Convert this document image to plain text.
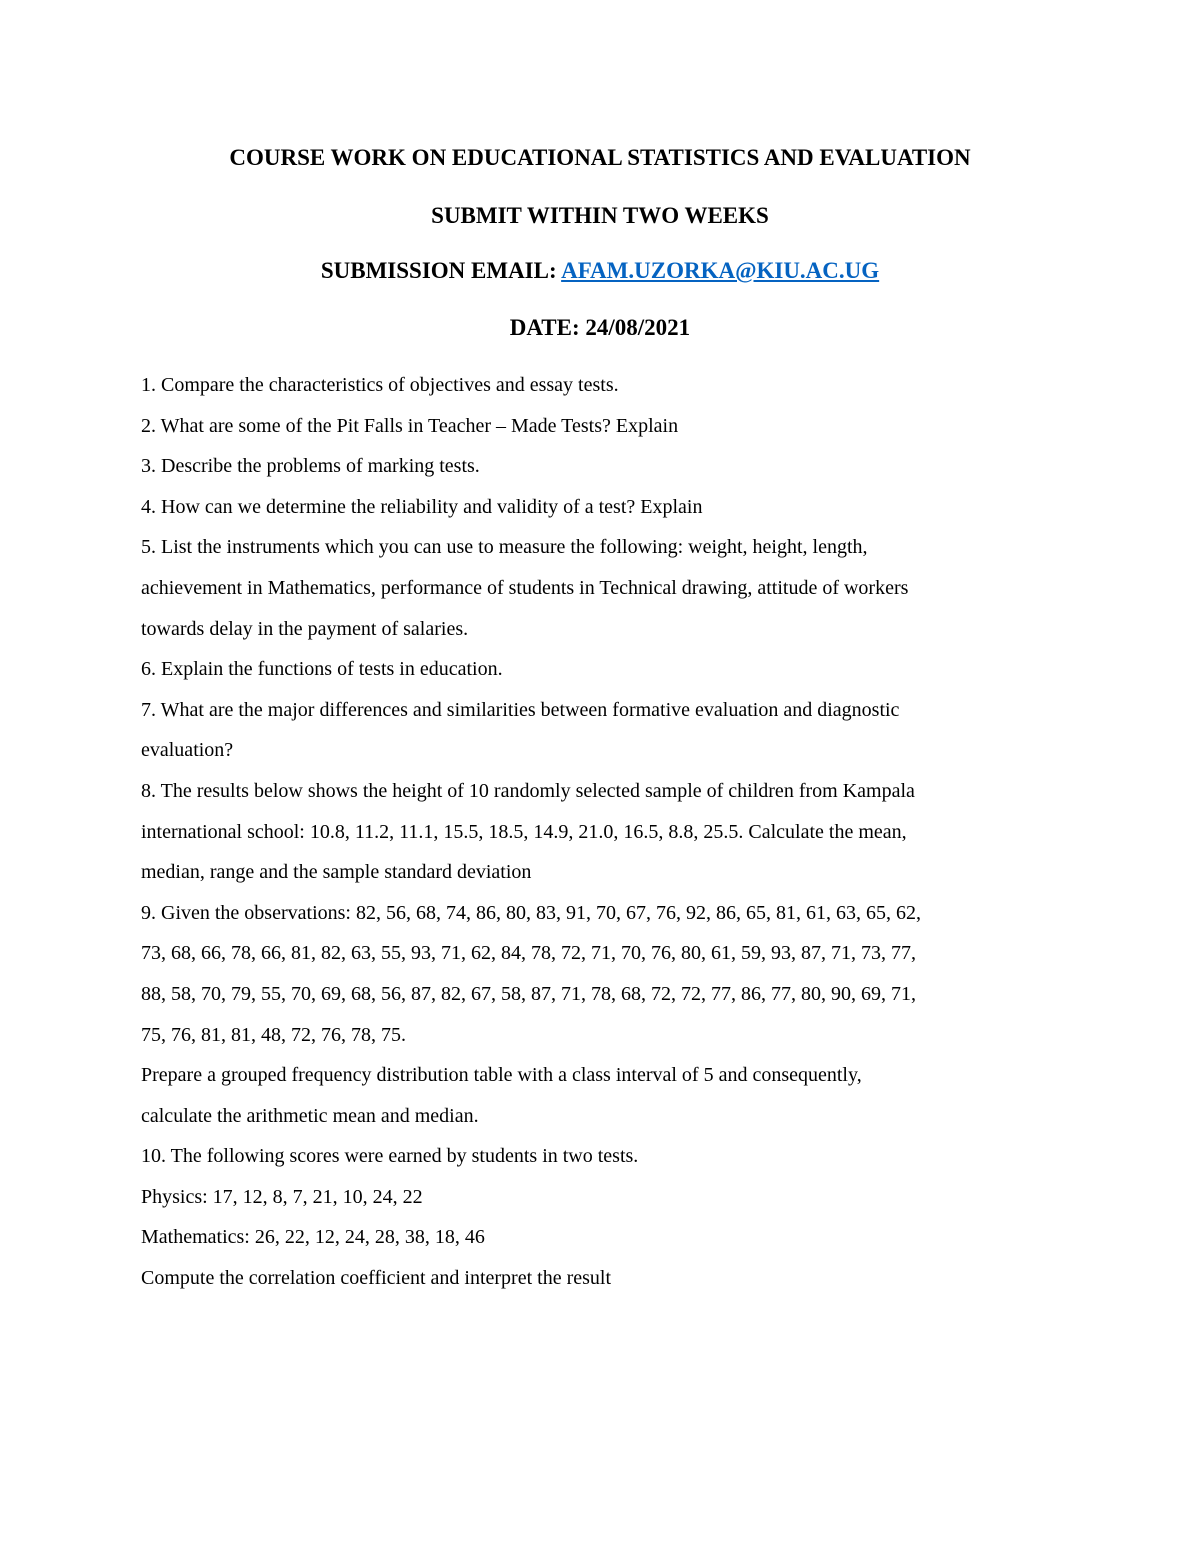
COURSE WORK ON EDUCATIONAL STATISTICS AND EVALUATION
SUBMIT WITHIN TWO WEEKS
SUBMISSION EMAIL: AFAM.UZORKA@KIU.AC.UG
DATE: 24/08/2021
1. Compare the characteristics of objectives and essay tests.
2. What are some of the Pit Falls in Teacher – Made Tests? Explain
3. Describe the problems of marking tests.
4. How can we determine the reliability and validity of a test? Explain
5. List the instruments which you can use to measure the following: weight, height, length,
achievement in Mathematics, performance of students in Technical drawing, attitude of workers
towards delay in the payment of salaries.
6. Explain the functions of tests in education.
7. What are the major differences and similarities between formative evaluation and diagnostic
evaluation?
8. The results below shows the height of 10 randomly selected sample of children from Kampala
international school: 10.8, 11.2, 11.1, 15.5, 18.5, 14.9, 21.0, 16.5, 8.8, 25.5. Calculate the mean,
median, range and the sample standard deviation
9. Given the observations: 82, 56, 68, 74, 86, 80, 83, 91, 70, 67, 76, 92, 86, 65, 81, 61, 63, 65, 62,
73, 68, 66, 78, 66, 81, 82, 63, 55, 93, 71, 62, 84, 78, 72, 71, 70, 76, 80, 61, 59, 93, 87, 71, 73, 77,
88, 58, 70, 79, 55, 70, 69, 68, 56, 87, 82, 67, 58, 87, 71, 78, 68, 72, 72, 77, 86, 77, 80, 90, 69, 71,
75, 76, 81, 81, 48, 72, 76, 78, 75.
Prepare a grouped frequency distribution table with a class interval of 5 and consequently,
calculate the arithmetic mean and median.
10. The following scores were earned by students in two tests.
Physics: 17, 12, 8, 7, 21, 10, 24, 22
Mathematics: 26, 22, 12, 24, 28, 38, 18, 46
Compute the correlation coefficient and interpret the result
